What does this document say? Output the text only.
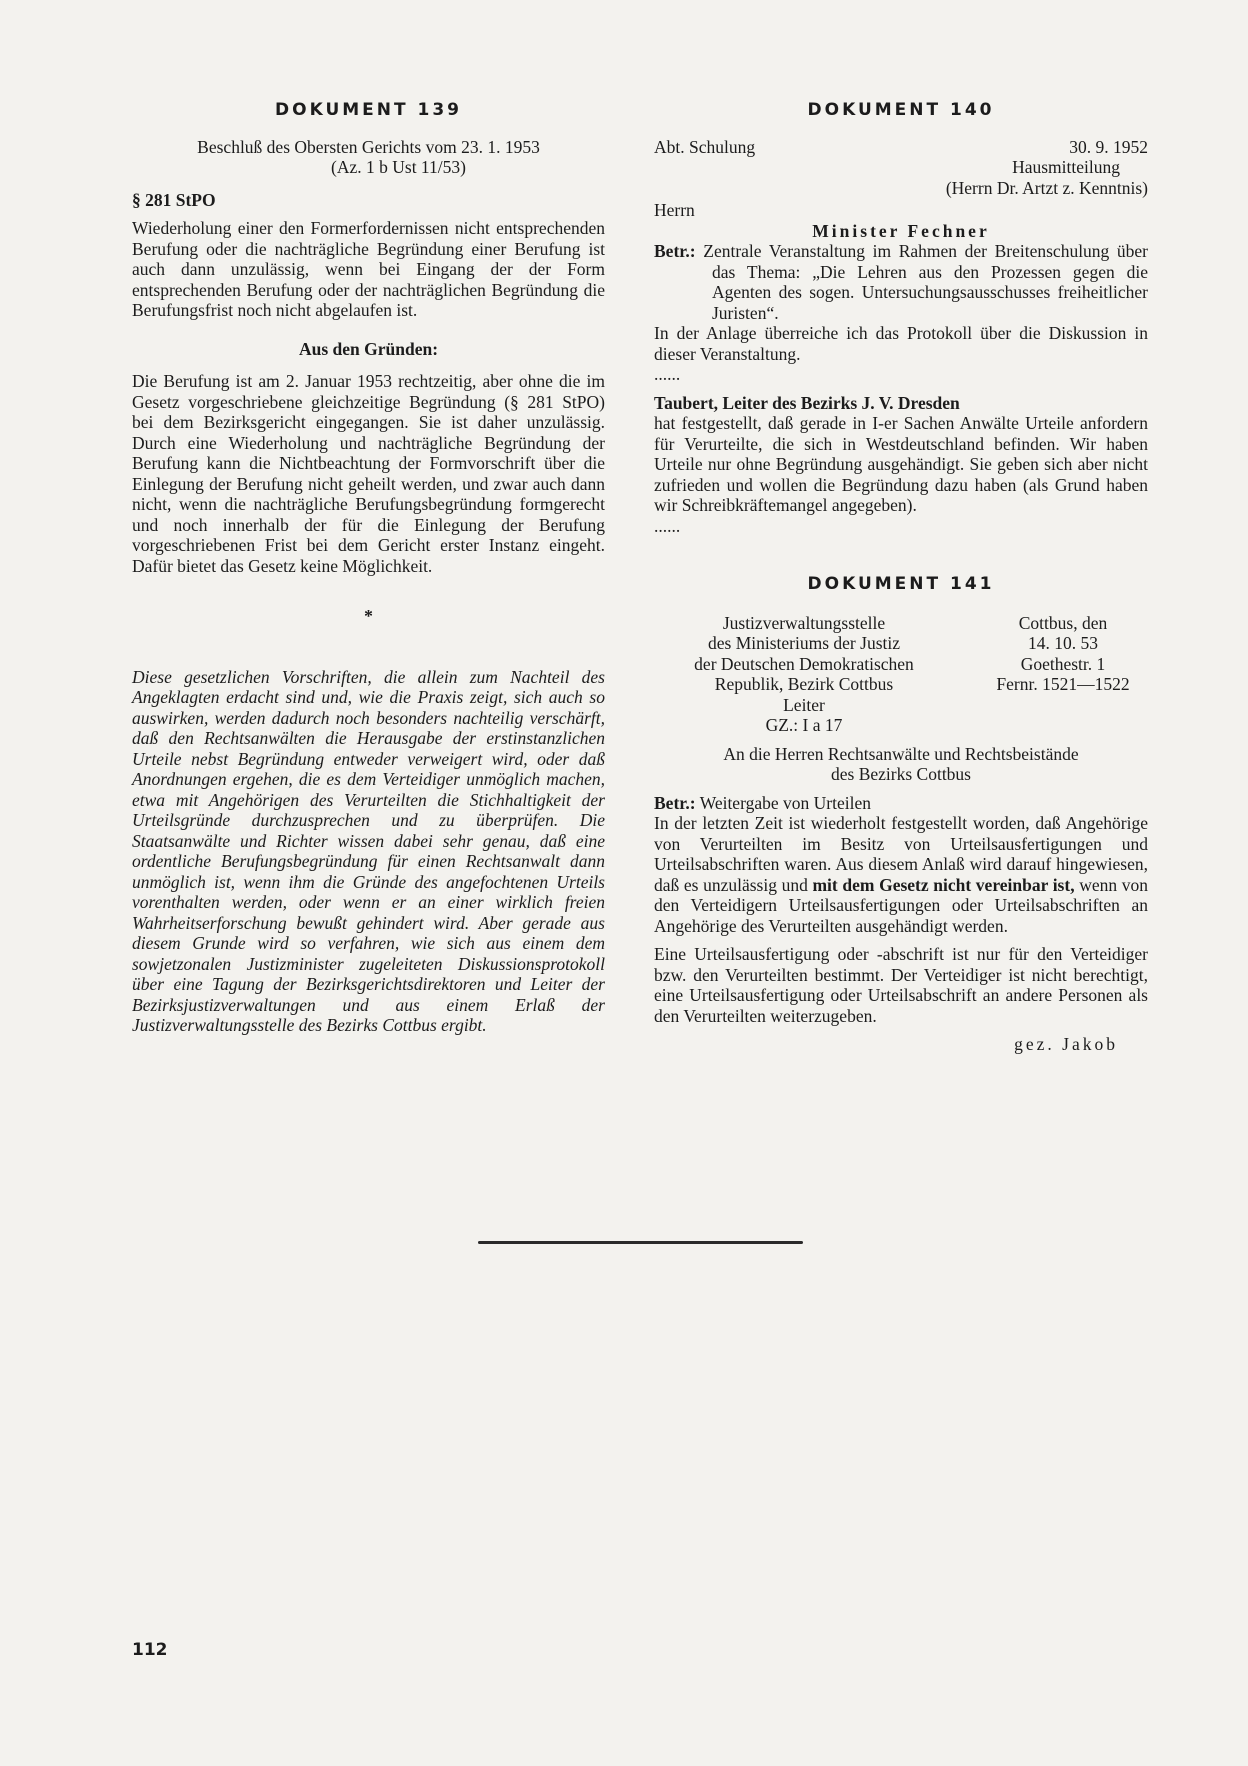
DOKUMENT 139

Beschluß des Obersten Gerichts vom 23. 1. 1953

(Az. 1 b Ust 11/53)

§ 281 StPO

Wiederholung einer den Formerfordernissen nicht entsprechenden Berufung oder die nachträgliche Begründung einer Berufung ist auch dann unzulässig, wenn bei Eingang der der Form entsprechenden Berufung oder der nachträglichen Begründung die Berufungsfrist noch nicht abgelaufen ist.

Aus den Gründen:

Die Berufung ist am 2. Januar 1953 rechtzeitig, aber ohne die im Gesetz vorgeschriebene gleichzeitige Begründung (§ 281 StPO) bei dem Bezirksgericht eingegangen. Sie ist daher unzulässig. Durch eine Wiederholung und nachträgliche Begründung der Berufung kann die Nichtbeachtung der Formvorschrift über die Einlegung der Berufung nicht geheilt werden, und zwar auch dann nicht, wenn die nachträgliche Berufungsbegründung formgerecht und noch innerhalb der für die Einlegung der Berufung vorgeschriebenen Frist bei dem Gericht erster Instanz eingeht. Dafür bietet das Gesetz keine Möglichkeit.

*

Diese gesetzlichen Vorschriften, die allein zum Nachteil des Angeklagten erdacht sind und, wie die Praxis zeigt, sich auch so auswirken, werden dadurch noch besonders nachteilig verschärft, daß den Rechtsanwälten die Herausgabe der erstinstanzlichen Urteile nebst Begründung entweder verweigert wird, oder daß Anordnungen ergehen, die es dem Verteidiger unmöglich machen, etwa mit Angehörigen des Verurteilten die Stichhaltigkeit der Urteilsgründe durchzusprechen und zu überprüfen. Die Staatsanwälte und Richter wissen dabei sehr genau, daß eine ordentliche Berufungsbegründung für einen Rechtsanwalt dann unmöglich ist, wenn ihm die Gründe des angefochtenen Urteils vorenthalten werden, oder wenn er an einer wirklich freien Wahrheitserforschung bewußt gehindert wird. Aber gerade aus diesem Grunde wird so verfahren, wie sich aus einem dem sowjetzonalen Justizminister zugeleiteten Diskussionsprotokoll über eine Tagung der Bezirksgerichtsdirektoren und Leiter der Bezirksjustizverwaltungen und aus einem Erlaß der Justizverwaltungsstelle des Bezirks Cottbus ergibt.

DOKUMENT 140
Abt. Schulung	30. 9. 1952

Hausmitteilung

(Herrn Dr. Artzt z. Kenntnis)

Herrn

Minister Fechner

Betr.: Zentrale Veranstaltung im Rahmen der Breitenschulung über das Thema: „Die Lehren aus den Prozessen gegen die Agenten des sogen. Untersuchungsausschusses freiheitlicher Juristen“.

In der Anlage überreiche ich das Protokoll über die Diskussion in dieser Veranstaltung.

......

Taubert, Leiter des Bezirks J. V. Dresden

hat festgestellt, daß gerade in I-er Sachen Anwälte Urteile anfordern für Verurteilte, die sich in Westdeutschland befinden. Wir haben Urteile nur ohne Begründung ausgehändigt. Sie geben sich aber nicht zufrieden und wollen die Begründung dazu haben (als Grund haben wir Schreibkräftemangel angegeben).

......

DOKUMENT 141
Justizverwaltungsstelle
des Ministeriums der Justiz
der Deutschen Demokratischen
Republik, Bezirk Cottbus
Leiter
GZ.: I a 17
Cottbus, den
14. 10. 53
Goethestr. 1
Fernr. 1521—1522

An die Herren Rechtsanwälte und Rechtsbeistände

des Bezirks Cottbus

Betr.: Weitergabe von Urteilen

In der letzten Zeit ist wiederholt festgestellt worden, daß Angehörige von Verurteilten im Besitz von Urteilsausfertigungen und Urteilsabschriften waren. Aus diesem Anlaß wird darauf hingewiesen, daß es unzulässig und mit dem Gesetz nicht vereinbar ist, wenn von den Verteidigern Urteilsausfertigungen oder Urteilsabschriften an Angehörige des Verurteilten ausgehändigt werden.

Eine Urteilsausfertigung oder -abschrift ist nur für den Verteidiger bzw. den Verurteilten bestimmt. Der Verteidiger ist nicht berechtigt, eine Urteilsausfertigung oder Urteilsabschrift an andere Personen als den Verurteilten weiterzugeben.

gez. Jakob

112
